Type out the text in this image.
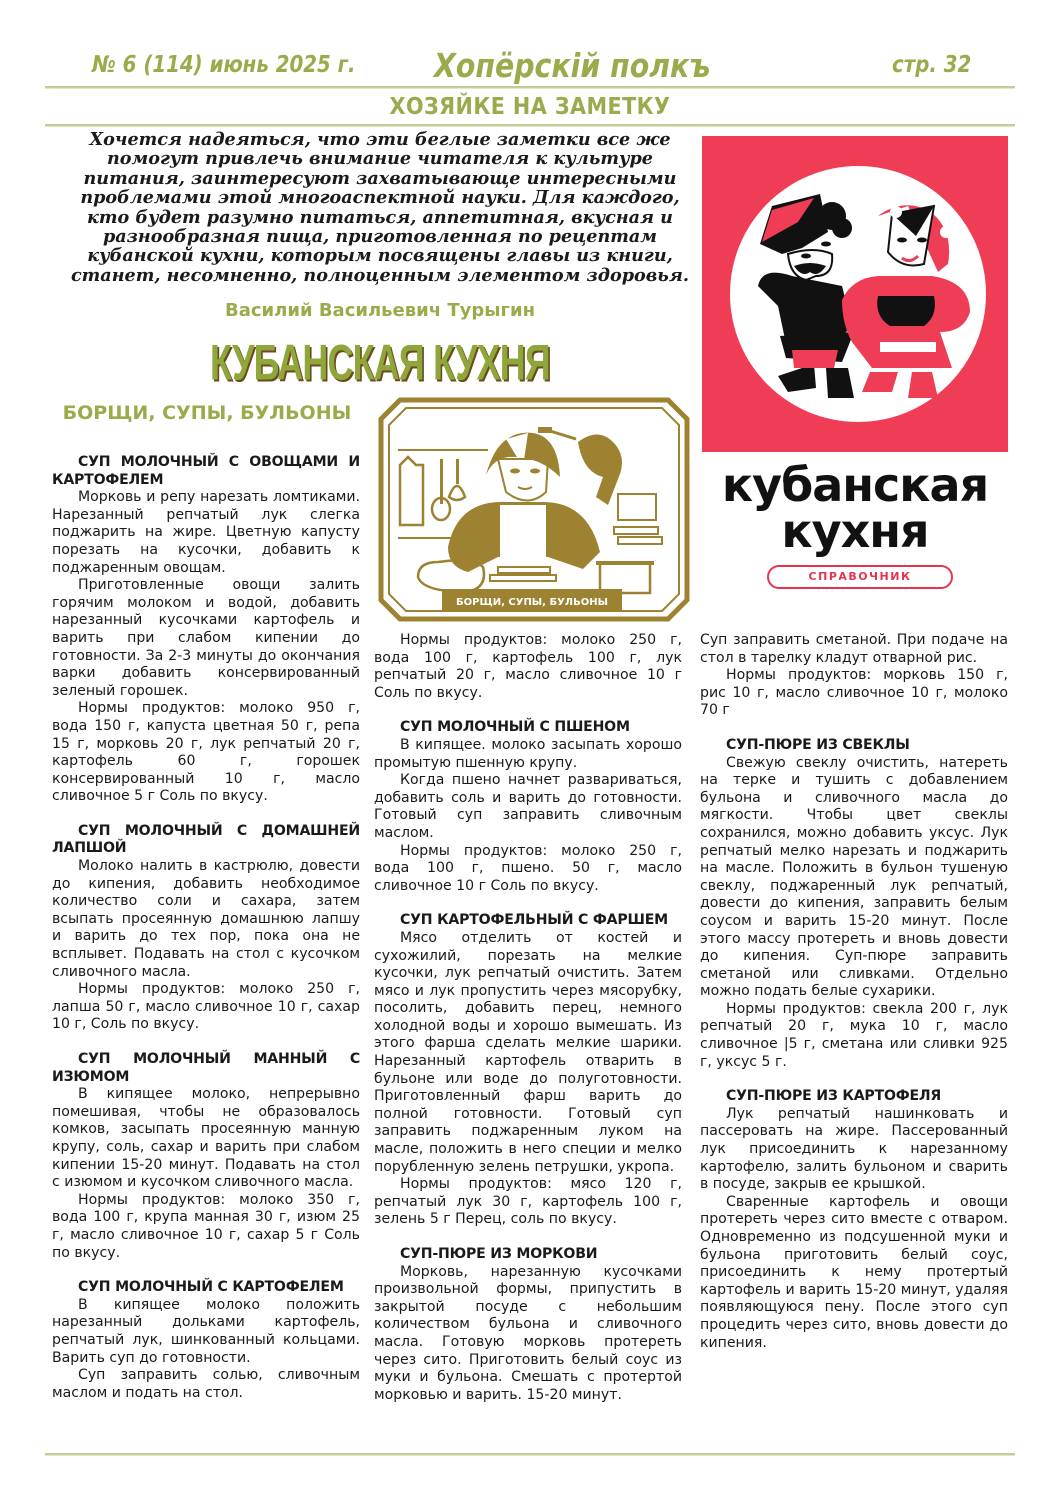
№ 6 (114) июнь 2025 г. Хопёрскiй полкъ	стр. 32
ХОЗЯЙКЕ НА ЗАМЕТКУ
Хочется надеяться, что эти беглые заметки все же помогут привлечь внимание читателя к культуре питания, заинтересуют захватывающе интересными проблемами этой многоаспектной науки. Для каждого, кто будет разумно питаться, аппетитная, вкусная и разнообразная пища, приготовленная по рецептам кубанской кухни, которым посвящены главы из книги, станет, несомненно, полноценным элементом здоровья.
Василий Васильевич Турыгин
КУБАНСКАЯ КУХНЯ
БОРЩИ, СУПЫ, БУЛЬОНЫ
БОРЩИ, СУПЫ, БУЛЬОНЫ
кубанская
кухня
СПРАВОЧНИК
СУП МОЛОЧНЫЙ С ОВОЩАМИ И КАРТОФЕЛЕМ

Морковь и репу нарезать ломтиками. Нарезанный репчатый лук слегка поджарить на жире. Цветную капусту порезать на кусочки, добавить к поджаренным овощам.

Приготовленные овощи залить горячим молоком и водой, добавить нарезанный кусочками картофель и варить при слабом кипении до готовности. За 2-3 минуты до окончания варки добавить консервированный зеленый горошек.

Нормы продуктов: молоко 950 г, вода 150 г, капуста цветная 50 г, репа 15 г, морковь 20 г, лук репчатый 20 г, картофель 60 г, горошек консервированный 10 г, масло сливочное 5 г Соль по вкусу.

СУП МОЛОЧНЫЙ С ДОМАШНЕЙ ЛАПШОЙ

Молоко налить в кастрюлю, довести до кипения, добавить необходимое количество соли и сахара, затем всыпать просеянную домашнюю лапшу и варить до тех пор, пока она не всплывет. Подавать на стол с кусочком сливочного масла.

Нормы продуктов: молоко 250 г, лапша 50 г, масло сливочное 10 г, сахар 10 г, Соль по вкусу.

СУП МОЛОЧНЫЙ МАННЫЙ С ИЗЮМОМ

В кипящее молоко, непрерывно помешивая, чтобы не образовалось комков, засыпать просеянную манную крупу, соль, сахар и варить при слабом кипении 15-20 минут. Подавать на стол с изюмом и кусочком сливочного масла.

Нормы продуктов: молоко 350 г, вода 100 г, крупа манная 30 г, изюм 25 г, масло сливочное 10 г, сахар 5 г Соль по вкусу.

СУП МОЛОЧНЫЙ С КАРТОФЕЛЕМ

В кипящее молоко положить нарезанный дольками картофель, репчатый лук, шинкованный кольцами. Варить суп до готовности.

Суп заправить солью, сливочным маслом и подать на стол.

Нормы продуктов: молоко 250 г, вода 100 г, картофель 100 г, лук репчатый 20 г, масло сливочное 10 г Соль по вкусу.

СУП МОЛОЧНЫЙ С ПШЕНОМ

В кипящее. молоко засыпать хорошо промытую пшенную крупу.

Когда пшено начнет развариваться, добавить соль и варить до готовности. Готовый суп заправить сливочным маслом.

Нормы продуктов: молоко 250 г, вода 100 г, пшено. 50 г, масло сливочное 10 г Соль по вкусу.

СУП КАРТОФЕЛЬНЫЙ С ФАРШЕМ

Мясо отделить от костей и сухожилий, порезать на мелкие кусочки, лук репчатый очистить. Затем мясо и лук пропустить через мясорубку, посолить, добавить перец, немного холодной воды и хорошо вымешать. Из этого фарша сделать мелкие шарики. Нарезанный картофель отварить в бульоне или воде до полуготовности. Приготовленный фарш варить до полной готовности. Готовый суп заправить поджаренным луком на масле, положить в него специи и мелко порубленную зелень петрушки, укропа.

Нормы продуктов: мясо 120 г, репчатый лук 30 г, картофель 100 г, зелень 5 г Перец, соль по вкусу.

СУП-ПЮРЕ ИЗ МОРКОВИ

Морковь, нарезанную кусочками произвольной формы, припустить в закрытой посуде с небольшим количеством бульона и сливочного масла. Готовую морковь протереть через сито. Приготовить белый соус из муки и бульона. Смешать с протертой морковью и варить. 15-20 минут.

Суп заправить сметаной. При подаче на стол в тарелку кладут отварной рис.

Нормы продуктов: морковь 150 г, рис 10 г, масло сливочное 10 г, молоко 70 г

СУП-ПЮРЕ ИЗ СВЕКЛЫ

Свежую свеклу очистить, натереть на терке и тушить с добавлением бульона и сливочного масла до мягкости. Чтобы цвет свеклы сохранился, можно добавить уксус. Лук репчатый мелко нарезать и поджарить на масле. Положить в бульон тушеную свеклу, поджаренный лук репчатый, довести до кипения, заправить белым соусом и варить 15-20 минут. После этого массу протереть и вновь довести до кипения. Суп-пюре заправить сметаной или сливками. Отдельно можно подать белые сухарики.

Нормы продуктов: свекла 200 г, лук репчатый 20 г, мука 10 г, масло сливочное |5 г, сметана или сливки 925 г, уксус 5 г.

СУП-ПЮРЕ ИЗ КАРТОФЕЛЯ

Лук репчатый нашинковать и пассеровать на жире. Пассерованный лук присоединить к нарезанному картофелю, залить бульоном и сварить в посуде, закрыв ее крышкой.

Сваренные картофель и овощи протереть через сито вместе с отваром. Одновременно из подсушенной муки и бульона приготовить белый соус, присоединить к нему протертый картофель и варить 15-20 минут, удаляя появляющуюся пену. После этого суп процедить через сито, вновь довести до кипения.
